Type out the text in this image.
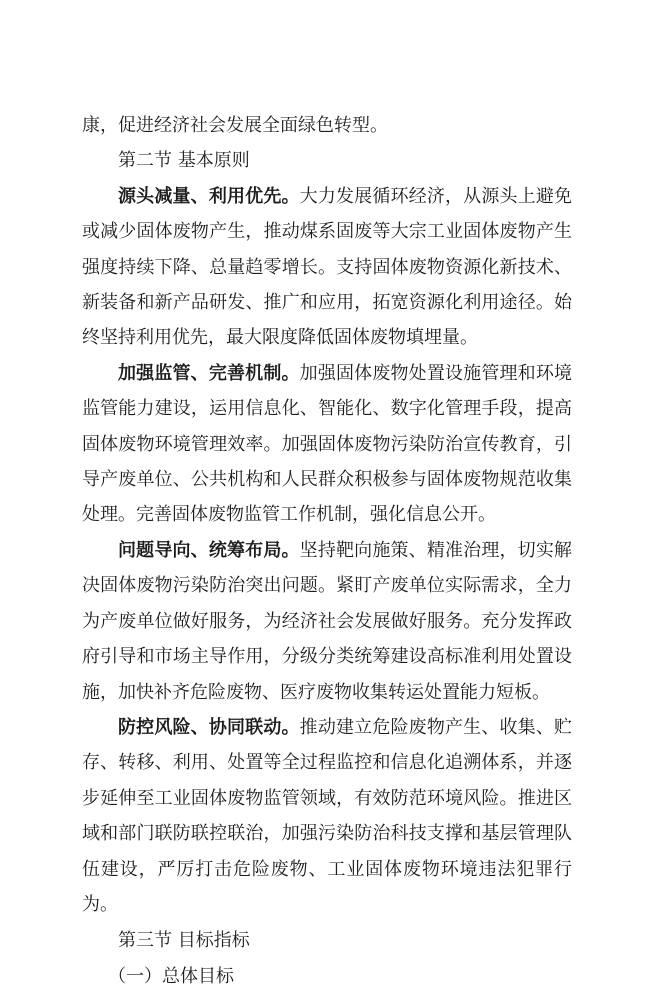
康，促进经济社会发展全面绿色转型。

第二节 基本原则

源头减量、利用优先。大力发展循环经济，从源头上避免或减少固体废物产生，推动煤系固废等大宗工业固体废物产生强度持续下降、总量趋零增长。支持固体废物资源化新技术、新装备和新产品研发、推广和应用，拓宽资源化利用途径。始终坚持利用优先，最大限度降低固体废物填埋量。

加强监管、完善机制。加强固体废物处置设施管理和环境监管能力建设，运用信息化、智能化、数字化管理手段，提高固体废物环境管理效率。加强固体废物污染防治宣传教育，引导产废单位、公共机构和人民群众积极参与固体废物规范收集处理。完善固体废物监管工作机制，强化信息公开。

问题导向、统筹布局。坚持靶向施策、精准治理，切实解决固体废物污染防治突出问题。紧盯产废单位实际需求，全力为产废单位做好服务，为经济社会发展做好服务。充分发挥政府引导和市场主导作用，分级分类统筹建设高标准利用处置设施，加快补齐危险废物、医疗废物收集转运处置能力短板。

防控风险、协同联动。推动建立危险废物产生、收集、贮存、转移、利用、处置等全过程监控和信息化追溯体系，并逐步延伸至工业固体废物监管领域，有效防范环境风险。推进区域和部门联防联控联治，加强污染防治科技支撑和基层管理队伍建设，严厉打击危险废物、工业固体废物环境违法犯罪行为。

第三节 目标指标

（一）总体目标
